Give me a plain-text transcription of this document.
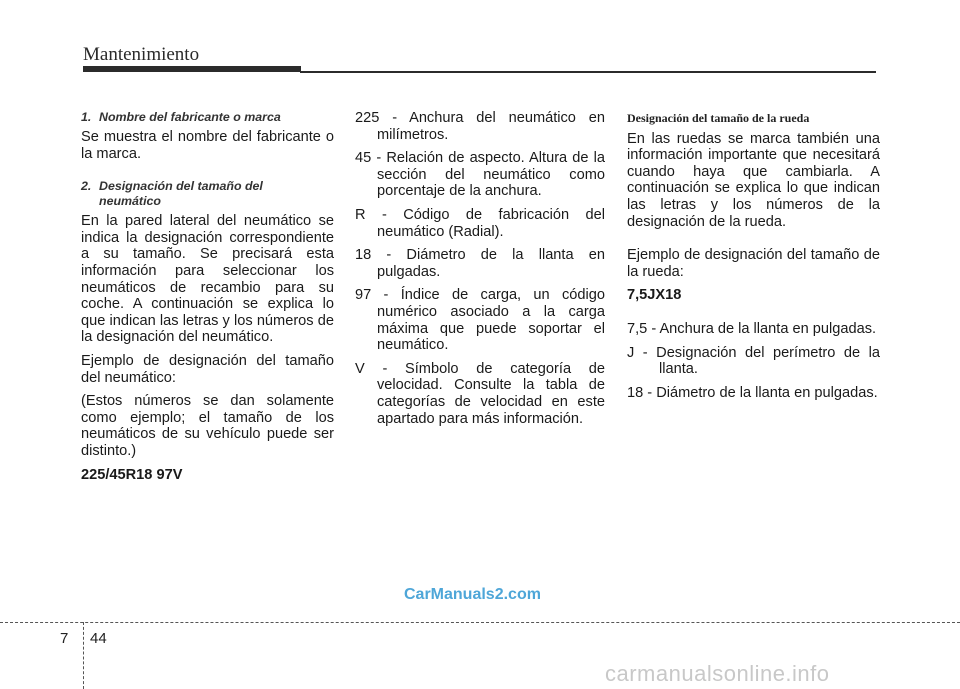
Mantenimiento
1. Nombre del fabricante o marca

Se muestra el nombre del fabricante o la marca.

2. Designación del tamaño del
neumático

En la pared lateral del neumático se indica la designación correspondiente a su tamaño. Se precisará esta información para seleccionar los neumáticos de recambio para su coche. A continuación se explica lo que indican las letras y los números de la designación del neumático.

Ejemplo de designación del tamaño del neumático:

(Estos números se dan solamente como ejemplo; el tamaño de los neumáticos de su vehículo puede ser distinto.)

225/45R18 97V

225 - Anchura del neumático en milímetros.
45 - Relación de aspecto. Altura de la sección del neumático como porcentaje de la anchura.
R - Código de fabricación del neumático (Radial).
18 - Diámetro de la llanta en pulgadas.
97 - Índice de carga, un código numérico asociado a la carga máxima que puede soportar el neumático.
V - Símbolo de categoría de velocidad. Consulte la tabla de categorías de velocidad en este apartado para más información.
Designación del tamaño de la rueda

En las ruedas se marca también una información importante que necesitará cuando haya que cambiarla. A continuación se explica lo que indican las letras y los números de la designación de la rueda.

Ejemplo de designación del tamaño de la rueda:

7,5JX18

7,5 - Anchura de la llanta en pulgadas.
J - Designación del perímetro de la llanta.
18 - Diámetro de la llanta en pulgadas.
CarManuals2.com
7 44
carmanualsonline.info
